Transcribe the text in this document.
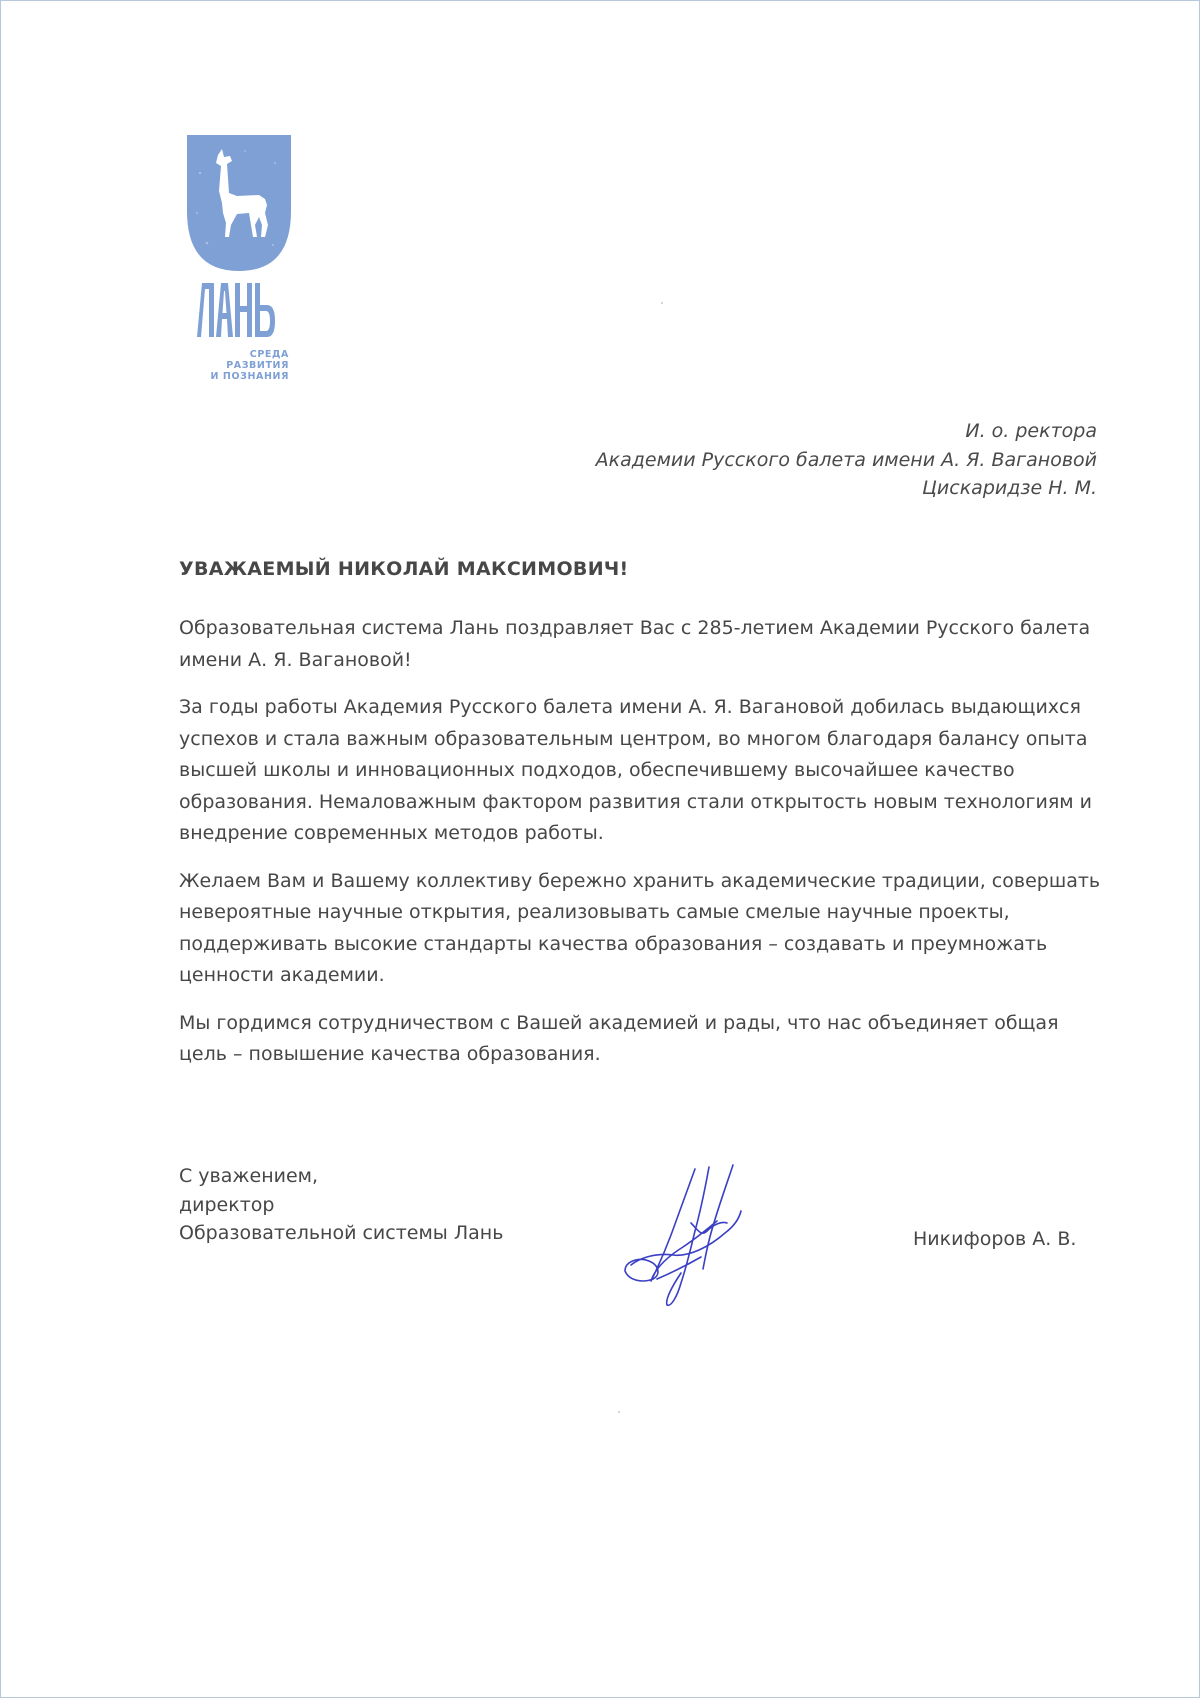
СРЕДА
РАЗВИТИЯ
И ПОЗНАНИЯ
И. о. ректора
Академии Русского балета имени А. Я. Вагановой
Цискаридзе Н. М.
УВАЖАЕМЫЙ НИКОЛАЙ МАКСИМОВИЧ!

Образовательная система Лань поздравляет Вас с 285-летием Академии Русского балета имени А. Я. Вагановой!

За годы работы Академия Русского балета имени А. Я. Вагановой добилась выдающихся успехов и стала важным образовательным центром, во многом благодаря балансу опыта высшей школы и инновационных подходов, обеспечившему высочайшее качество образования. Немаловажным фактором развития стали открытость новым технологиям и внедрение современных методов работы.

Желаем Вам и Вашему коллективу бережно хранить академические традиции, совершать невероятные научные открытия, реализовывать самые смелые научные проекты, поддерживать высокие стандарты качества образования – создавать и преумножать ценности академии.

Мы гордимся сотрудничеством с Вашей академией и рады, что нас объединяет общая цель – повышение качества образования.

С уважением,
директор
Образовательной системы Лань	Никифоров А. В.
